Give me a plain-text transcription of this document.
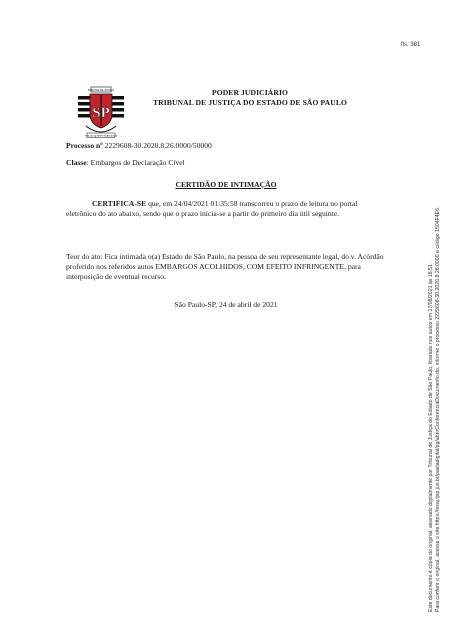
fls. 381
TRIBUNAL DE JUSTIÇA
SP
1874-2020 ◆ RESPONSABILIDADE
PODER JUDICIÁRIO
TRIBUNAL DE JUSTIÇA DO ESTADO DE SÃO PAULO
Processo nº 2229608-30.2020.8.26.0000/50000
Classe: Embargos de Declaração Cível
CERTIDÃO DE INTIMAÇÃO
CERTIFICA-SE que, em 24/04/2021 01:35:58 transcorreu o prazo de leitura no portal eletrônico do ato abaixo, sendo que o prazo inicia-se a partir do primeiro dia útil seguinte.
Teor do ato: Fica intimada o(a) Estado de São Paulo, na pessoa de seu representante legal, do v. Acórdão proferido nos referidos autos EMBARGOS ACOLHIDOS, COM EFEITO INFRINGENTE, para interposição de eventual recurso.
São Paulo-SP, 24 de abril de 2021	Este documento é cópia do original, assinado digitalmente por Tribunal de Justiça do Estado de São Paulo, liberado nos autos em 17/08/2021 às 18:51 . Para conferir o original, acesse o site https://esaj.tjsp.jus.br/pastadigital/pg/abrirConferenciaDocumento.do, informe o processo 2229608-30.2020.8.26.0000 e código 1504F4E6.
